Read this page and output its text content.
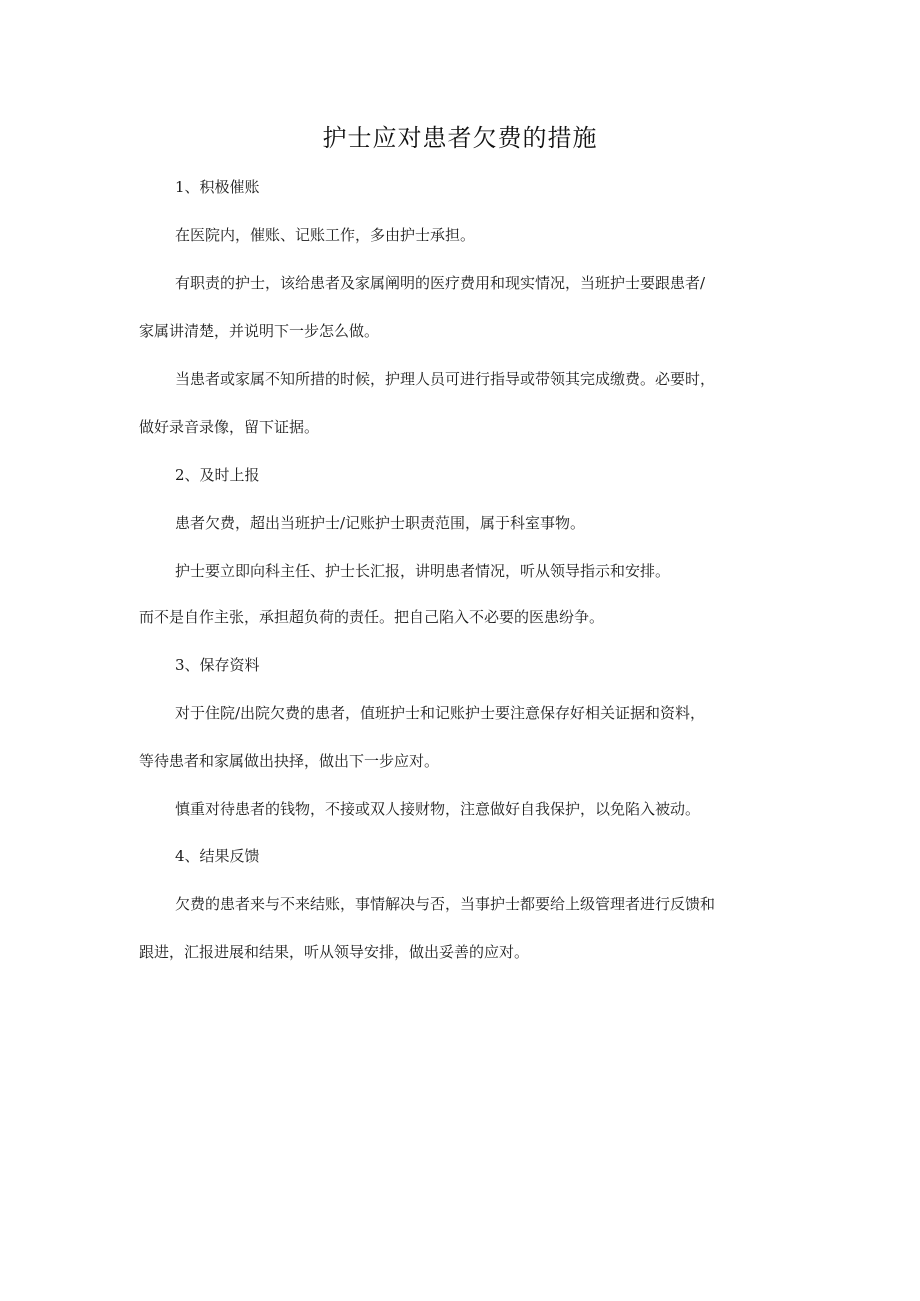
护士应对患者欠费的措施
1、积极催账
在医院内，催账、记账工作，多由护士承担。
有职责的护士，该给患者及家属阐明的医疗费用和现实情况，当班护士要跟患者/
家属讲清楚，并说明下一步怎么做。
当患者或家属不知所措的时候，护理人员可进行指导或带领其完成缴费。必要时，
做好录音录像，留下证据。
2、及时上报
患者欠费，超出当班护士/记账护士职责范围，属于科室事物。
护士要立即向科主任、护士长汇报，讲明患者情况，听从领导指示和安排。
而不是自作主张，承担超负荷的责任。把自己陷入不必要的医患纷争。
3、保存资料
对于住院/出院欠费的患者，值班护士和记账护士要注意保存好相关证据和资料，
等待患者和家属做出抉择，做出下一步应对。
慎重对待患者的钱物，不接或双人接财物，注意做好自我保护，以免陷入被动。
4、结果反馈
欠费的患者来与不来结账，事情解决与否，当事护士都要给上级管理者进行反馈和
跟进，汇报进展和结果，听从领导安排，做出妥善的应对。
